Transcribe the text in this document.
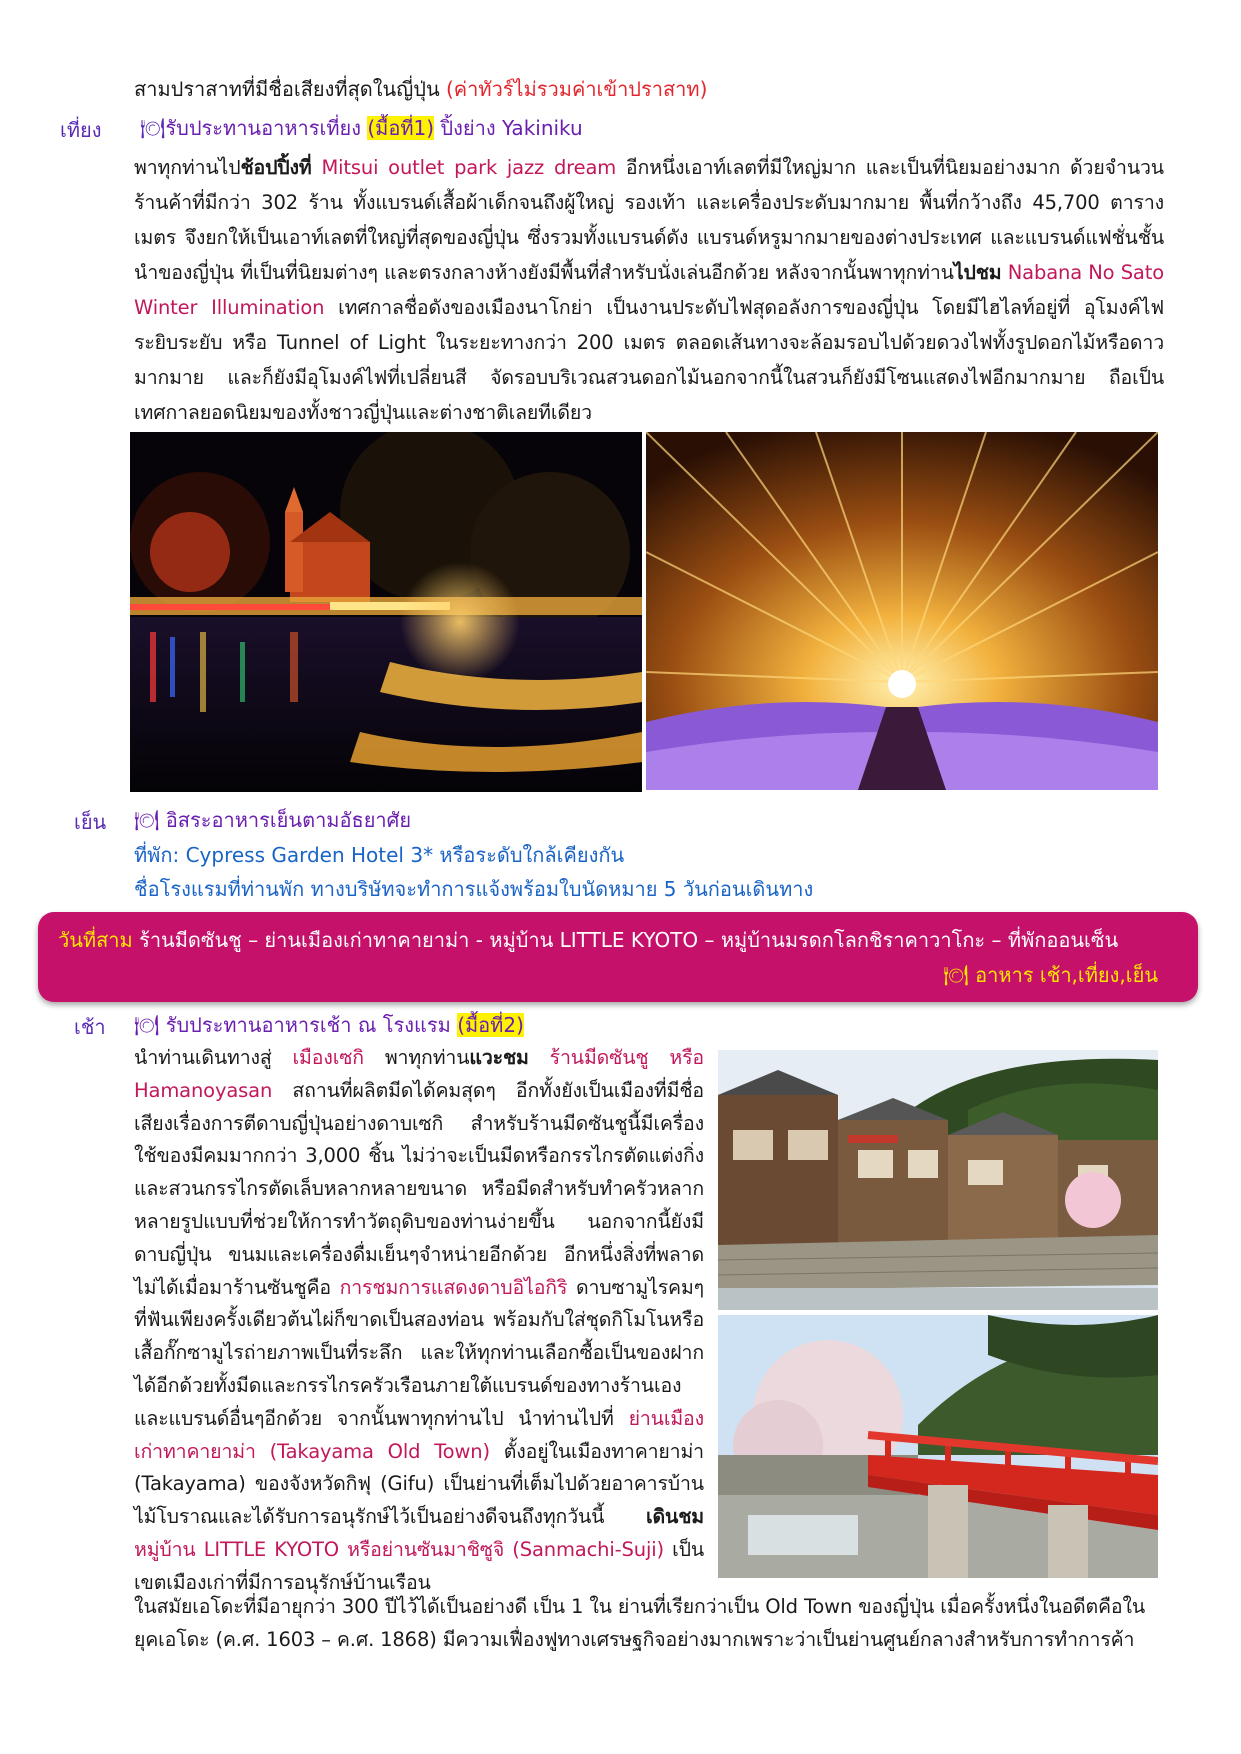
สามปราสาทที่มีชื่อเสียงที่สุดในญี่ปุ่น (ค่าทัวร์ไม่รวมค่าเข้าปราสาท)
เที่ยง 🍽รับประทานอาหารเที่ยง (มื้อที่1) ปิ้งย่าง Yakiniku
พาทุกท่านไปช้อปปิ้งที่ Mitsui outlet park jazz dream อีกหนึ่งเอาท์เลตที่มีใหญ่มาก และเป็นที่นิยมอย่างมาก ด้วยจำนวนร้านค้าที่มีกว่า 302 ร้าน ทั้งแบรนด์เสื้อผ้าเด็กจนถึงผู้ใหญ่ รองเท้า และเครื่องประดับมากมาย พื้นที่กว้างถึง 45,700 ตารางเมตร จึงยกให้เป็นเอาท์เลตที่ใหญ่ที่สุดของญี่ปุ่น ซึ่งรวมทั้งแบรนด์ดัง แบรนด์หรูมากมายของต่างประเทศ และแบรนด์แฟชั่นชั้นนำของญี่ปุ่น ที่เป็นที่นิยมต่างๆ และตรงกลางห้างยังมีพื้นที่สำหรับนั่งเล่นอีกด้วย หลังจากนั้นพาทุกท่านไปชม Nabana No Sato Winter Illumination เทศกาลชื่อดังของเมืองนาโกย่า เป็นงานประดับไฟสุดอลังการของญี่ปุ่น โดยมีไฮไลท์อยู่ที่ อุโมงค์ไฟระยิบระยับ หรือ Tunnel of Light ในระยะทางกว่า 200 เมตร ตลอดเส้นทางจะล้อมรอบไปด้วยดวงไฟทั้งรูปดอกไม้หรือดาวมากมาย และก็ยังมีอุโมงค์ไฟที่เปลี่ยนสี จัดรอบบริเวณสวนดอกไม้นอกจากนี้ในสวนก็ยังมีโซนแสดงไฟอีกมากมาย ถือเป็นเทศกาลยอดนิยมของทั้งชาวญี่ปุ่นและต่างชาติเลยทีเดียว
เย็น 🍽 อิสระอาหารเย็นตามอัธยาศัย
ที่พัก: Cypress Garden Hotel 3* หรือระดับใกล้เคียงกัน
ชื่อโรงแรมที่ท่านพัก ทางบริษัทจะทำการแจ้งพร้อมใบนัดหมาย 5 วันก่อนเดินทาง
วันที่สาม ร้านมีดซันชู – ย่านเมืองเก่าทาคายาม่า - หมู่บ้าน LITTLE KYOTO – หมู่บ้านมรดกโลกชิราคาวาโกะ – ที่พักออนเซ็น
🍽 อาหาร เช้า,เที่ยง,เย็น
เช้า 🍽 รับประทานอาหารเช้า ณ โรงแรม (มื้อที่2)
นำท่านเดินทางสู่ เมืองเซกิ พาทุกท่านแวะชม ร้านมีดซันชู หรือ Hamanoyasan สถานที่ผลิตมีดได้คมสุดๆ อีกทั้งยังเป็นเมืองที่มีชื่อเสียงเรื่องการตีดาบญี่ปุ่นอย่างดาบเซกิ สำหรับร้านมีดซันชูนี้มีเครื่องใช้ของมีคมมากกว่า 3,000 ชิ้น ไม่ว่าจะเป็นมีดหรือกรรไกรตัดแต่งกิ่งและสวนกรรไกรตัดเล็บหลากหลายขนาด หรือมีดสำหรับทำครัวหลากหลายรูปแบบที่ช่วยให้การทำวัตถุดิบของท่านง่ายขึ้น นอกจากนี้ยังมีดาบญี่ปุ่น ขนมและเครื่องดื่มเย็นๆจำหน่ายอีกด้วย อีกหนึ่งสิ่งที่พลาดไม่ได้เมื่อมาร้านซันชูคือ การชมการแสดงดาบอิไอกิริ ดาบซามูไรคมๆที่ฟันเพียงครั้งเดียวต้นไผ่ก็ขาดเป็นสองท่อน พร้อมกับใส่ชุดกิโมโนหรือเสื้อกั๊กซามูไรถ่ายภาพเป็นที่ระลึก และให้ทุกท่านเลือกซื้อเป็นของฝากได้อีกด้วยทั้งมีดและกรรไกรครัวเรือนภายใต้แบรนด์ของทางร้านเองและแบรนด์อื่นๆอีกด้วย จากนั้นพาทุกท่านไป นำท่านไปที่ ย่านเมืองเก่าทาคายาม่า (Takayama Old Town) ตั้งอยู่ในเมืองทาคายาม่า (Takayama) ของจังหวัดกิฟุ (Gifu) เป็นย่านที่เต็มไปด้วยอาคารบ้านไม้โบราณและได้รับการอนุรักษ์ไว้เป็นอย่างดีจนถึงทุกวันนี้ เดินชม หมู่บ้าน LITTLE KYOTO หรือย่านซันมาชิซูจิ (Sanmachi-Suji) เป็นเขตเมืองเก่าที่มีการอนุรักษ์บ้านเรือน
ในสมัยเอโดะที่มีอายุกว่า 300 ปีไว้ได้เป็นอย่างดี เป็น 1 ใน ย่านที่เรียกว่าเป็น Old Town ของญี่ปุ่น เมื่อครั้งหนึ่งในอดีตคือใน
ยุคเอโดะ (ค.ศ. 1603 – ค.ศ. 1868) มีความเฟื่องฟูทางเศรษฐกิจอย่างมากเพราะว่าเป็นย่านศูนย์กลางสำหรับการทำการค้า
